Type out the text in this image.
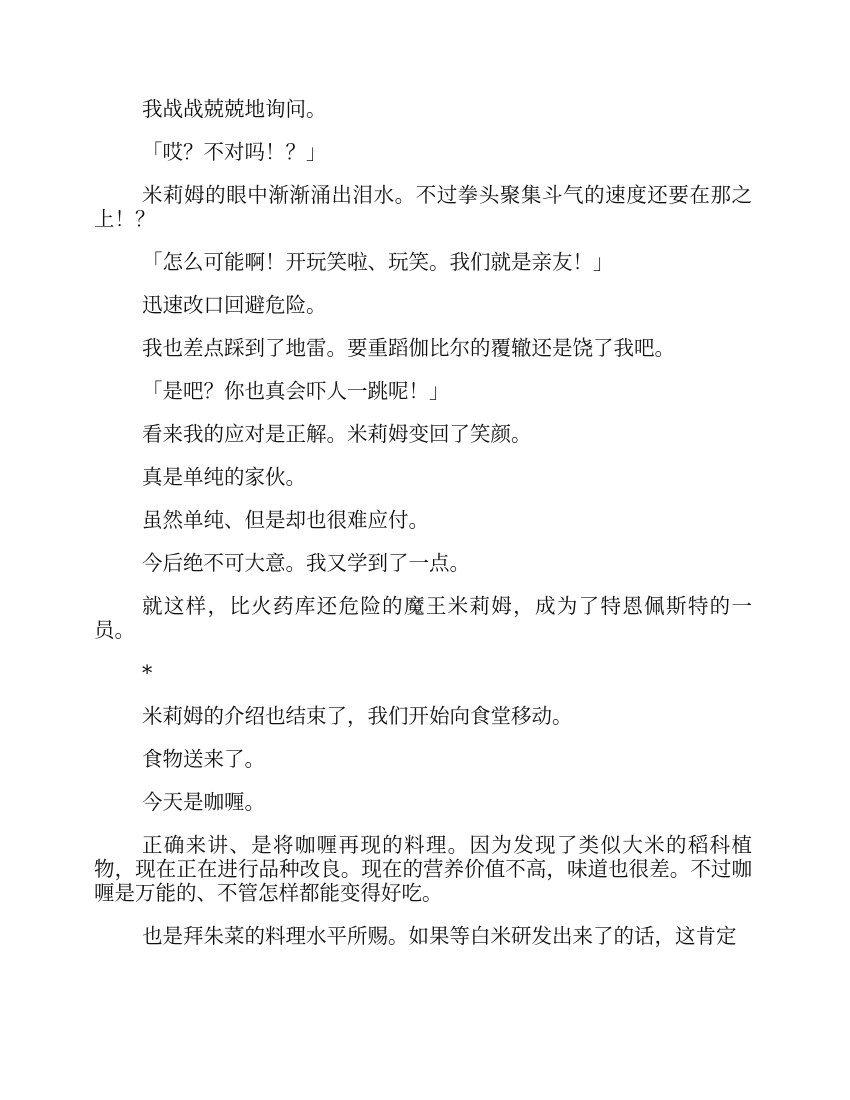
我战战兢兢地询问。

「哎？不对吗！？」

米莉姆的眼中渐渐涌出泪水。不过拳头聚集斗气的速度还要在那之上！？

「怎么可能啊！开玩笑啦、玩笑。我们就是亲友！」

迅速改口回避危险。

我也差点踩到了地雷。要重蹈伽比尔的覆辙还是饶了我吧。

「是吧？你也真会吓人一跳呢！」

看来我的应对是正解。米莉姆变回了笑颜。

真是单纯的家伙。

虽然单纯、但是却也很难应付。

今后绝不可大意。我又学到了一点。

就这样，比火药库还危险的魔王米莉姆，成为了特恩佩斯特的一员。

*

米莉姆的介绍也结束了，我们开始向食堂移动。

食物送来了。

今天是咖喱。

正确来讲、是将咖喱再现的料理。因为发现了类似大米的稻科植物，现在正在进行品种改良。现在的营养价值不高，味道也很差。不过咖喱是万能的、不管怎样都能变得好吃。

也是拜朱菜的料理水平所赐。如果等白米研发出来了的话，这肯定
